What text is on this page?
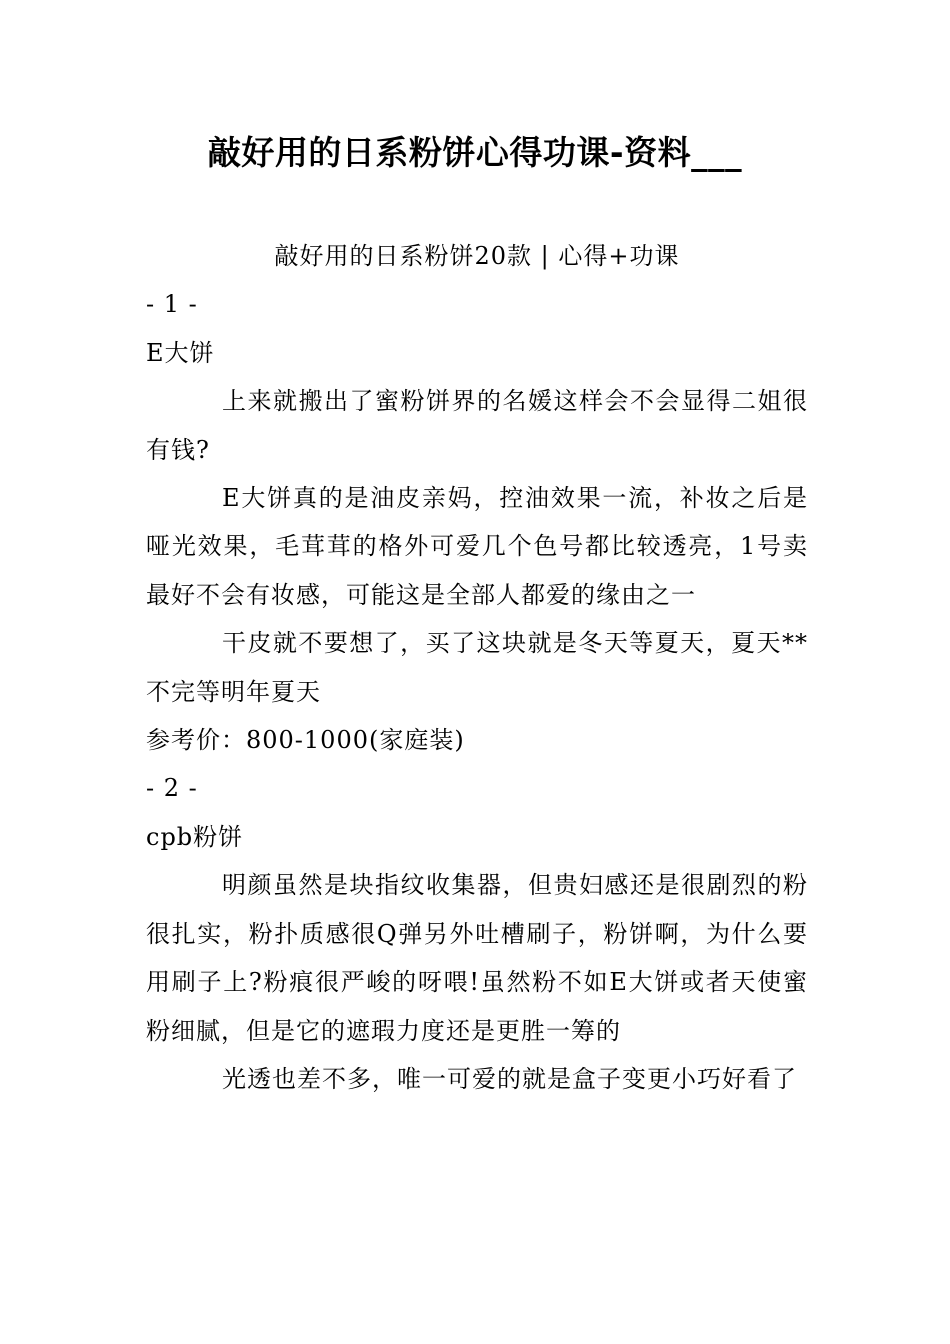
敲好用的日系粉饼心得功课-资料___

敲好用的日系粉饼20款 | 心得+功课

- 1 -

E大饼

上来就搬出了蜜粉饼界的名媛这样会不会显得二姐很有钱?

E大饼真的是油皮亲妈，控油效果一流，补妆之后是哑光效果，毛茸茸的格外可爱几个色号都比较透亮，1号卖最好不会有妆感，可能这是全部人都爱的缘由之一

干皮就不要想了，买了这块就是冬天等夏天，夏天**不完等明年夏天

参考价：800-1000(家庭装)

- 2 -

cpb粉饼

明颜虽然是块指纹收集器，但贵妇感还是很剧烈的粉很扎实，粉扑质感很Q弹另外吐槽刷子，粉饼啊，为什么要用刷子上?粉痕很严峻的呀喂!虽然粉不如E大饼或者天使蜜粉细腻，但是它的遮瑕力度还是更胜一筹的

光透也差不多，唯一可爱的就是盒子变更小巧好看了
